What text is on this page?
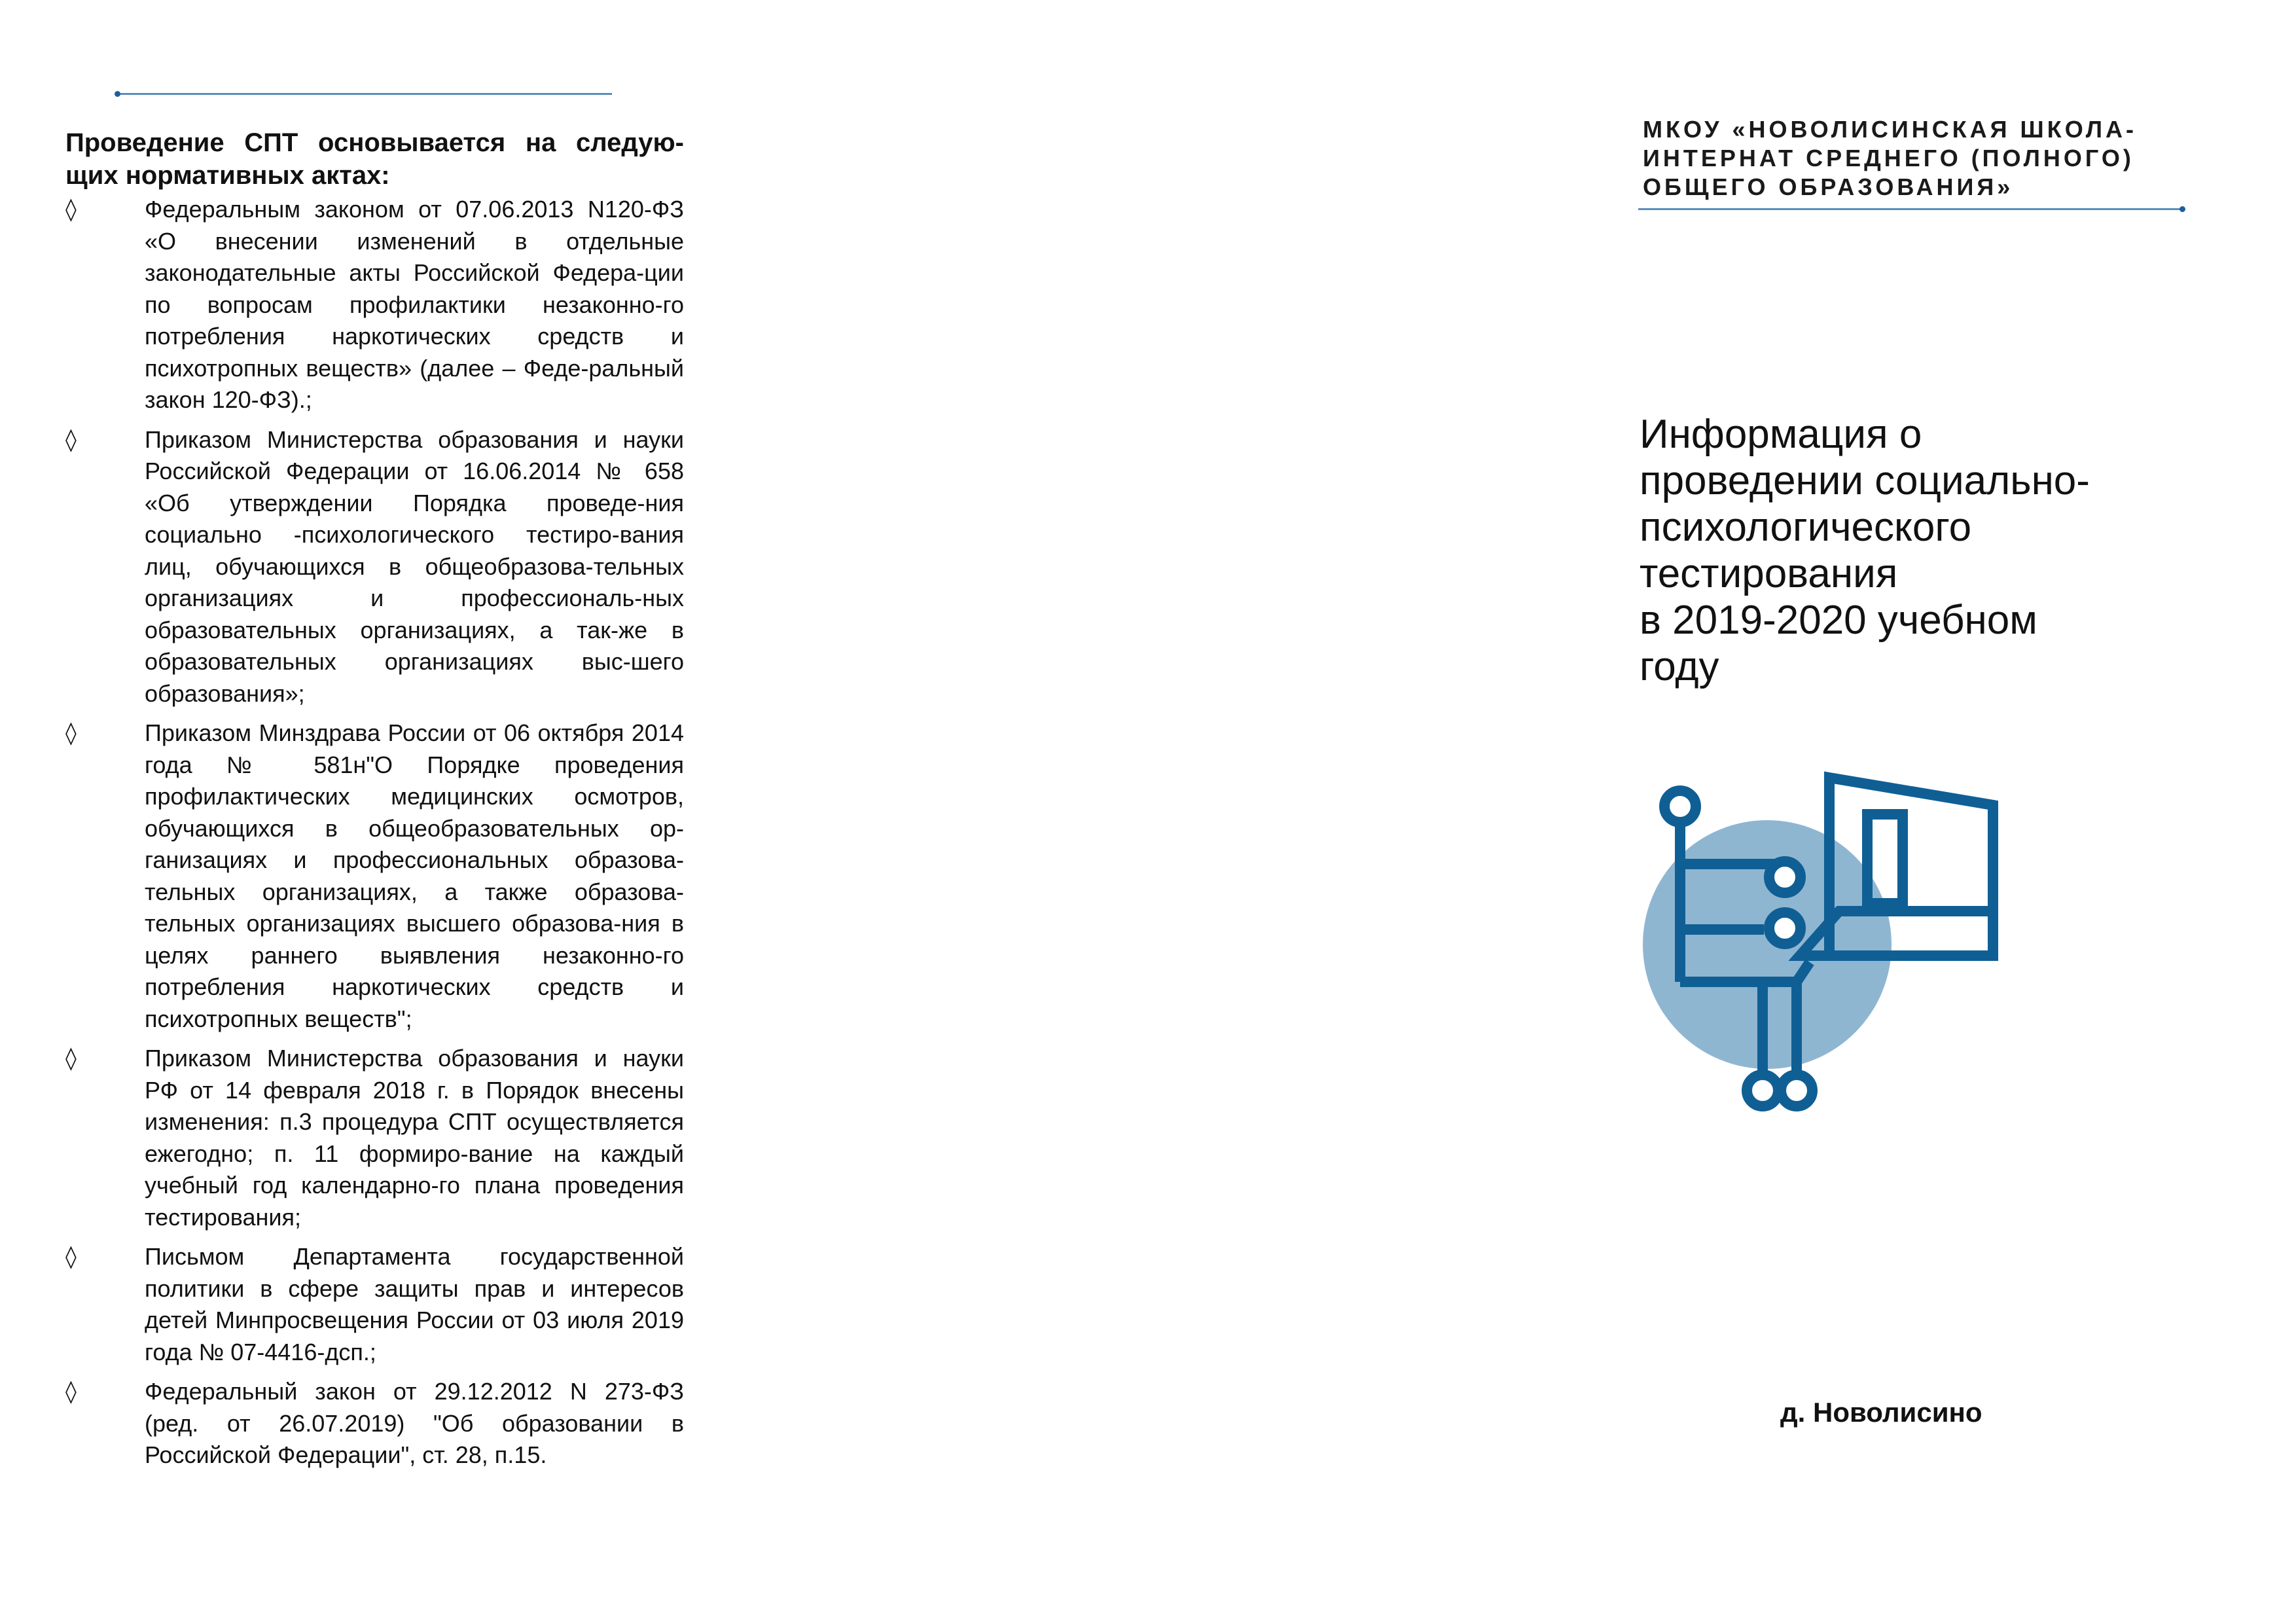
Проведение СПТ основывается на следую-щих нормативных актах:
◊	Федеральным законом от 07.06.2013 N120-ФЗ «О внесении изменений в отдельные законодательные акты Российской Федера-ции по вопросам профилактики незаконно-го потребления наркотических средств и психотропных веществ» (далее – Феде-ральный закон 120-ФЗ).;
◊	Приказом Министерства образования и науки Российской Федерации от 16.06.2014 № 658 «Об утверждении Порядка проведе-ния социально -психологического тестиро-вания лиц, обучающихся в общеобразова-тельных организациях и профессиональ-ных образовательных организациях, а так-же в образовательных организациях выс-шего образования»;
◊	Приказом Минздрава России от 06 октября 2014 года № 581н"О Порядке проведения профилактических медицинских осмотров, обучающихся в общеобразовательных ор-ганизациях и профессиональных образова-тельных организациях, а также образова-тельных организациях высшего образова-ния в целях раннего выявления незаконно-го потребления наркотических средств и психотропных веществ";
◊	Приказом Министерства образования и науки РФ от 14 февраля 2018 г. в Порядок внесены изменения: п.3 процедура СПТ осуществляется ежегодно; п. 11 формиро-вание на каждый учебный год календарно-го плана проведения тестирования;
◊	Письмом Департамента государственной политики в сфере защиты прав и интересов детей Минпросвещения России от 03 июля 2019 года № 07-4416-дсп.;
◊	Федеральный закон от 29.12.2012 N 273-ФЗ (ред. от 26.07.2019) "Об образовании в Российской Федерации", ст. 28, п.15.
МКОУ «НОВОЛИСИНСКАЯ ШКОЛА-ИНТЕРНАТ СРЕДНЕГО (ПОЛНОГО) ОБЩЕГО ОБРАЗОВАНИЯ»
Информация о
проведении социально-
психологического
тестирования
в 2019-2020 учебном
году
д. Новолисино
